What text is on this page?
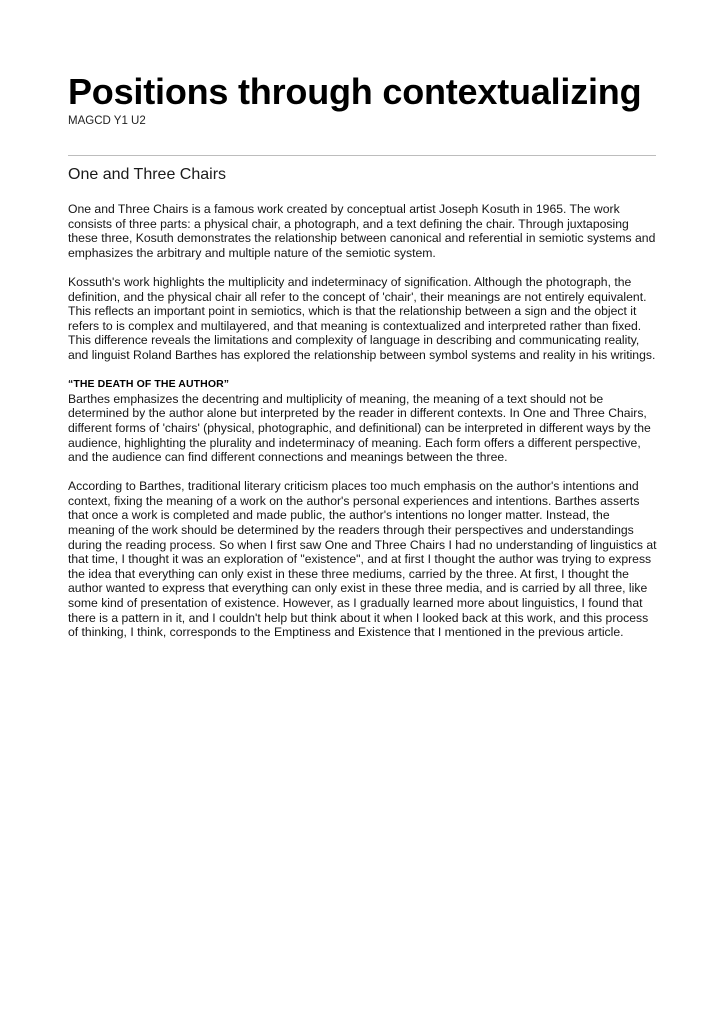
Positions through contextualizing

MAGCD Y1 U2

One and Three Chairs

One and Three Chairs is a famous work created by conceptual artist Joseph Kosuth in 1965. The work consists of three parts: a physical chair, a photograph, and a text defining the chair. Through juxtaposing these three, Kosuth demonstrates the relationship between canonical and referential in semiotic systems and emphasizes the arbitrary and multiple nature of the semiotic system.

Kossuth's work highlights the multiplicity and indeterminacy of signification. Although the photograph, the definition, and the physical chair all refer to the concept of 'chair', their meanings are not entirely equivalent. This reflects an important point in semiotics, which is that the relationship between a sign and the object it refers to is complex and multilayered, and that meaning is contextualized and interpreted rather than fixed. This difference reveals the limitations and complexity of language in describing and communicating reality, and linguist Roland Barthes has explored the relationship between symbol systems and reality in his writings.

“THE DEATH OF THE AUTHOR”

Barthes emphasizes the decentring and multiplicity of meaning, the meaning of a text should not be determined by the author alone but interpreted by the reader in different contexts. In One and Three Chairs, different forms of 'chairs' (physical, photographic, and definitional) can be interpreted in different ways by the audience, highlighting the plurality and indeterminacy of meaning. Each form offers a different perspective, and the audience can find different connections and meanings between the three.

According to Barthes, traditional literary criticism places too much emphasis on the author's intentions and context, fixing the meaning of a work on the author's personal experiences and intentions. Barthes asserts that once a work is completed and made public, the author's intentions no longer matter. Instead, the meaning of the work should be determined by the readers through their perspectives and understandings during the reading process. So when I first saw One and Three Chairs I had no understanding of linguistics at that time, I thought it was an exploration of "existence", and at first I thought the author was trying to express the idea that everything can only exist in these three mediums, carried by the three. At first, I thought the author wanted to express that everything can only exist in these three media, and is carried by all three, like some kind of presentation of existence. However, as I gradually learned more about linguistics, I found that there is a pattern in it, and I couldn't help but think about it when I looked back at this work, and this process of thinking, I think, corresponds to the Emptiness and Existence that I mentioned in the previous article.
